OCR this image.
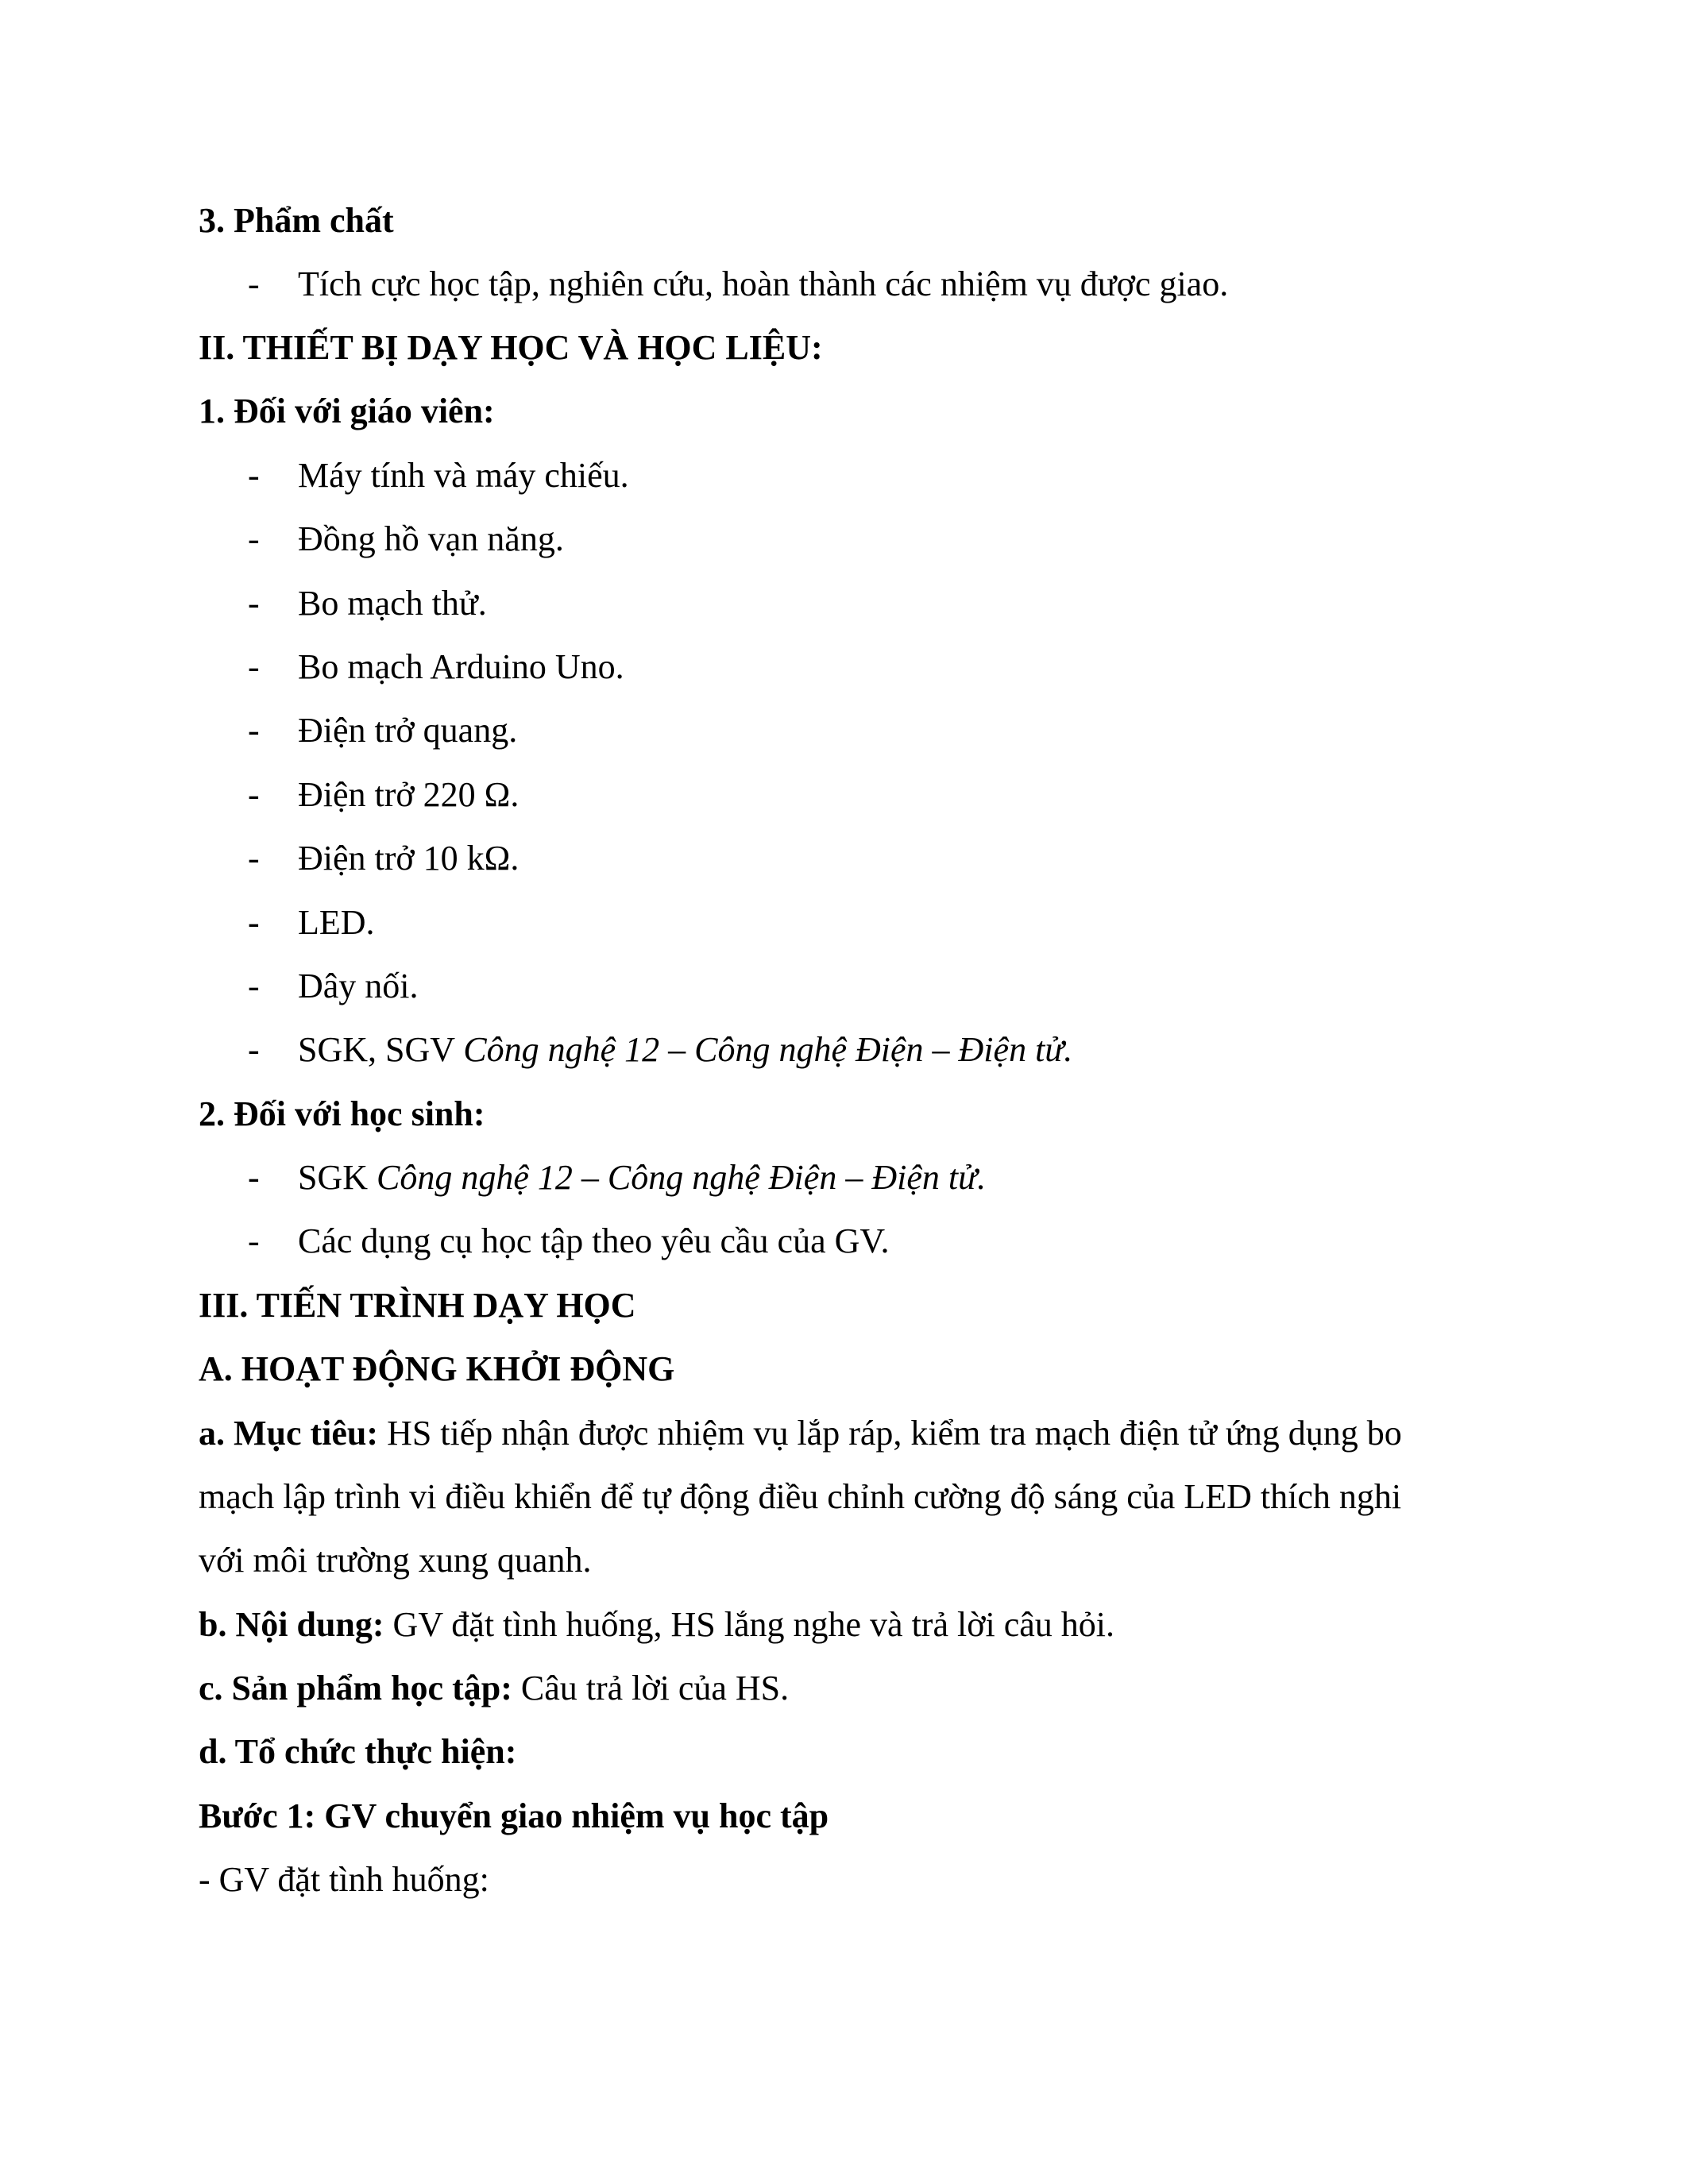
3. Phẩm chất
- Tích cực học tập, nghiên cứu, hoàn thành các nhiệm vụ được giao.
II. THIẾT BỊ DẠY HỌC VÀ HỌC LIỆU:
1. Đối với giáo viên:
- Máy tính và máy chiếu.
- Đồng hồ vạn năng.
- Bo mạch thử.
- Bo mạch Arduino Uno.
- Điện trở quang.
- Điện trở 220 Ω.
- Điện trở 10 kΩ.
- LED.
- Dây nối.
- SGK, SGV Công nghệ 12 – Công nghệ Điện – Điện tử.
2. Đối với học sinh:
- SGK Công nghệ 12 – Công nghệ Điện – Điện tử.
- Các dụng cụ học tập theo yêu cầu của GV.
III. TIẾN TRÌNH DẠY HỌC
A. HOẠT ĐỘNG KHỞI ĐỘNG
a. Mục tiêu: HS tiếp nhận được nhiệm vụ lắp ráp, kiểm tra mạch điện tử ứng dụng bo
mạch lập trình vi điều khiển để tự động điều chỉnh cường độ sáng của LED thích nghi
với môi trường xung quanh.
b. Nội dung: GV đặt tình huống, HS lắng nghe và trả lời câu hỏi.
c. Sản phẩm học tập: Câu trả lời của HS.
d. Tổ chức thực hiện:
Bước 1: GV chuyển giao nhiệm vụ học tập
- GV đặt tình huống:
